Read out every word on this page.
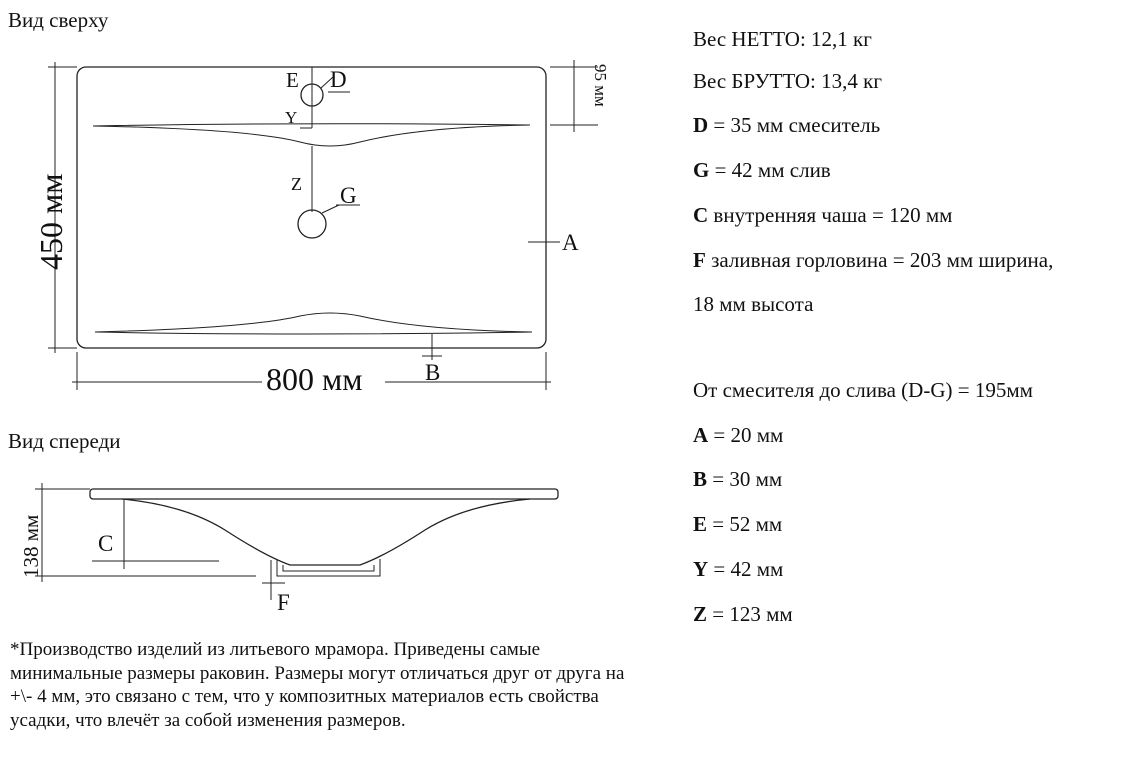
Вид сверху
E D
Y
Z G
A
B
95 мм
450 мм
800 мм
Вид спереди
C
F
138 мм
Вес НЕТТО: 12,1 кг
Вес БРУТТО: 13,4 кг
D = 35 мм смеситель
G = 42 мм слив
C внутренняя чаша = 120 мм
F заливная горловина = 203 мм ширина,
18 мм высота
От смесителя до слива (D-G) = 195мм
A = 20 мм
B = 30 мм
E = 52 мм
Y = 42 мм
Z = 123 мм
*Производство изделий из литьевого мрамора. Приведены самые минимальные размеры раковин. Размеры могут отличаться друг от друга на +\- 4 мм, это связано с тем, что у композитных материалов есть свойства усадки, что влечёт за собой изменения размеров.
